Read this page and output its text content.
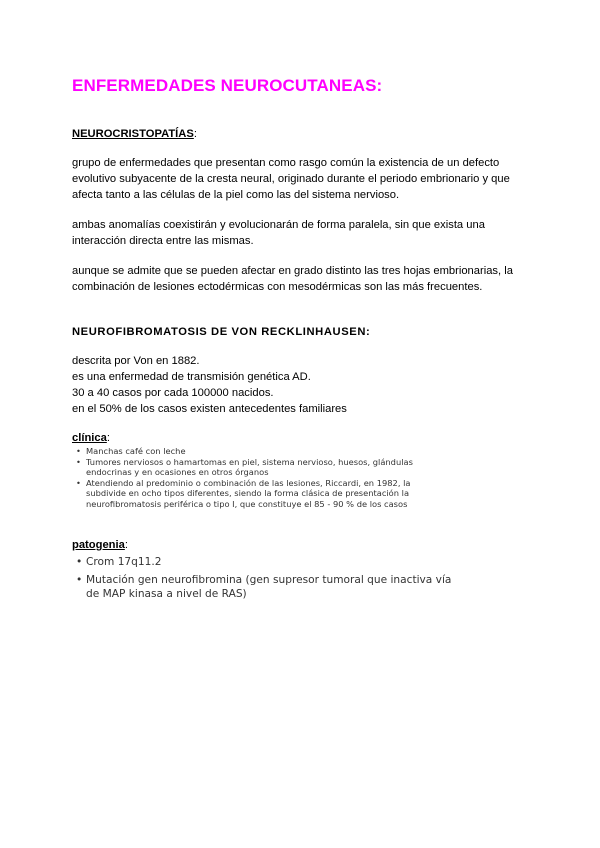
ENFERMEDADES NEUROCUTANEAS:

NEUROCRISTOPATÍAS:

grupo de enfermedades que presentan como rasgo común la existencia de un defecto evolutivo subyacente de la cresta neural, originado durante el periodo embrionario y que afecta tanto a las células de la piel como las del sistema nervioso.

ambas anomalías coexistirán y evolucionarán de forma paralela, sin que exista una interacción directa entre las mismas.

aunque se admite que se pueden afectar en grado distinto las tres hojas embrionarias, la combinación de lesiones ectodérmicas con mesodérmicas son las más frecuentes.

NEUROFIBROMATOSIS DE VON RECKLINHAUSEN:

descrita por Von en 1882.
es una enfermedad de transmisión genética AD.
30 a 40 casos por cada 100000 nacidos.
en el 50% de los casos existen antecedentes familiares

clínica:

• Manchas café con leche
• Tumores nerviosos o hamartomas en piel, sistema nervioso, huesos, glándulas endocrinas y en ocasiones en otros órganos
• Atendiendo al predominio o combinación de las lesiones, Riccardi, en 1982, la subdivide en ocho tipos diferentes, siendo la forma clásica de presentación la neurofibromatosis periférica o tipo I, que constituye el 85 - 90 % de los casos

patogenia:

• Crom 17q11.2
• Mutación gen neurofibromina (gen supresor tumoral que inactiva vía de MAP kinasa a nivel de RAS)
